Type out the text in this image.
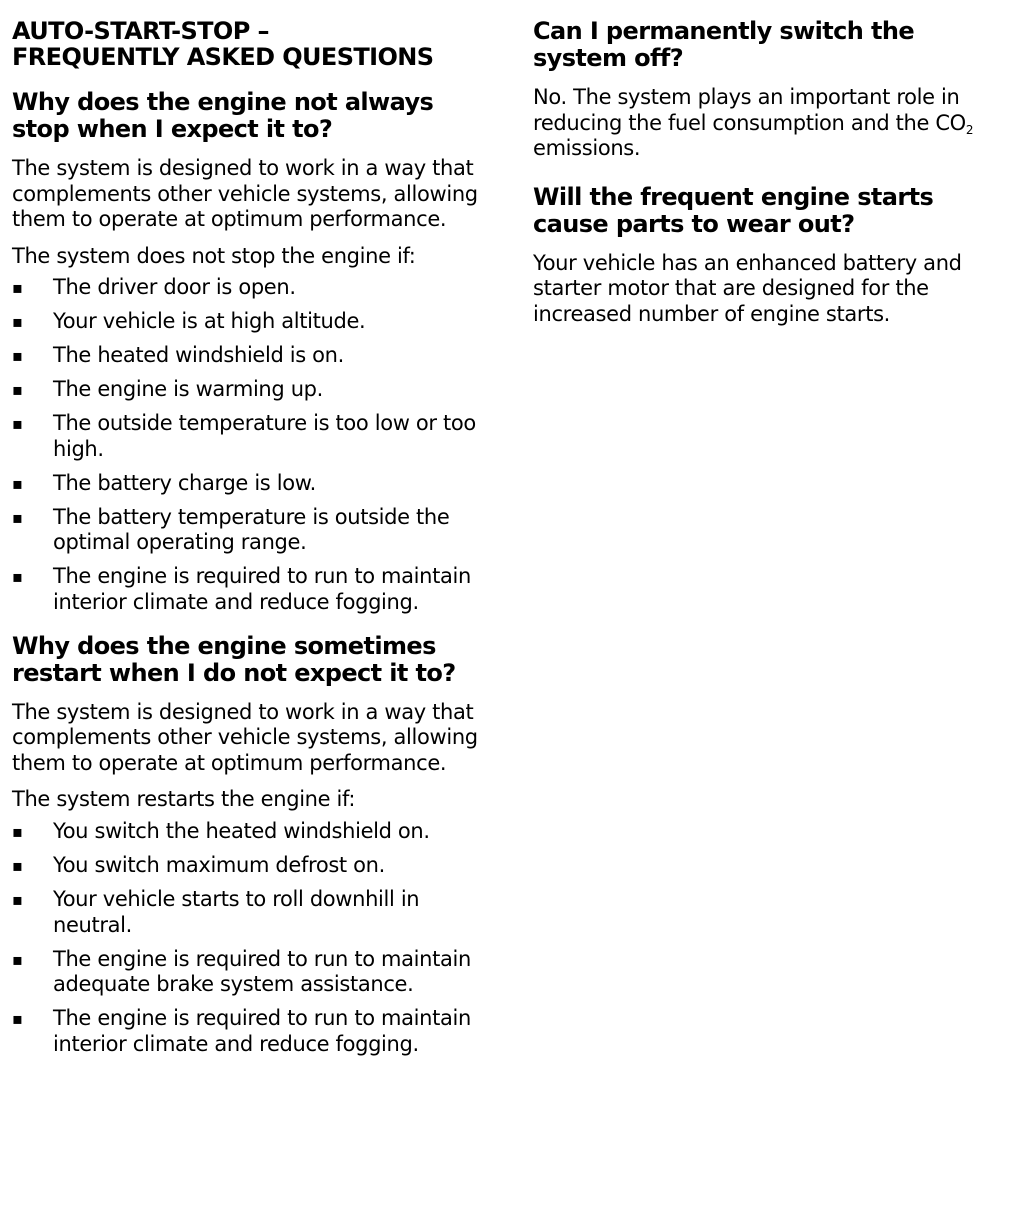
AUTO-START-STOP –
FREQUENTLY ASKED QUESTIONS
Why does the engine not always
stop when I expect it to?

The system is designed to work in a way that complements other vehicle systems, allowing them to operate at optimum performance.

The system does not stop the engine if:

▪ The driver door is open.
▪ Your vehicle is at high altitude.
▪ The heated windshield is on.
▪ The engine is warming up.
▪ The outside temperature is too low or too high.
▪ The battery charge is low.
▪ The battery temperature is outside the optimal operating range.
▪ The engine is required to run to maintain interior climate and reduce fogging.
Why does the engine sometimes
restart when I do not expect it to?

The system is designed to work in a way that complements other vehicle systems, allowing them to operate at optimum performance.

The system restarts the engine if:

▪ You switch the heated windshield on.
▪ You switch maximum defrost on.
▪ Your vehicle starts to roll downhill in neutral.
▪ The engine is required to run to maintain adequate brake system assistance.
▪ The engine is required to run to maintain interior climate and reduce fogging.
Can I permanently switch the
system off?

No. The system plays an important role in reducing the fuel consumption and the $CO_2$ emissions.

Will the frequent engine starts
cause parts to wear out?

Your vehicle has an enhanced battery and starter motor that are designed for the increased number of engine starts.
